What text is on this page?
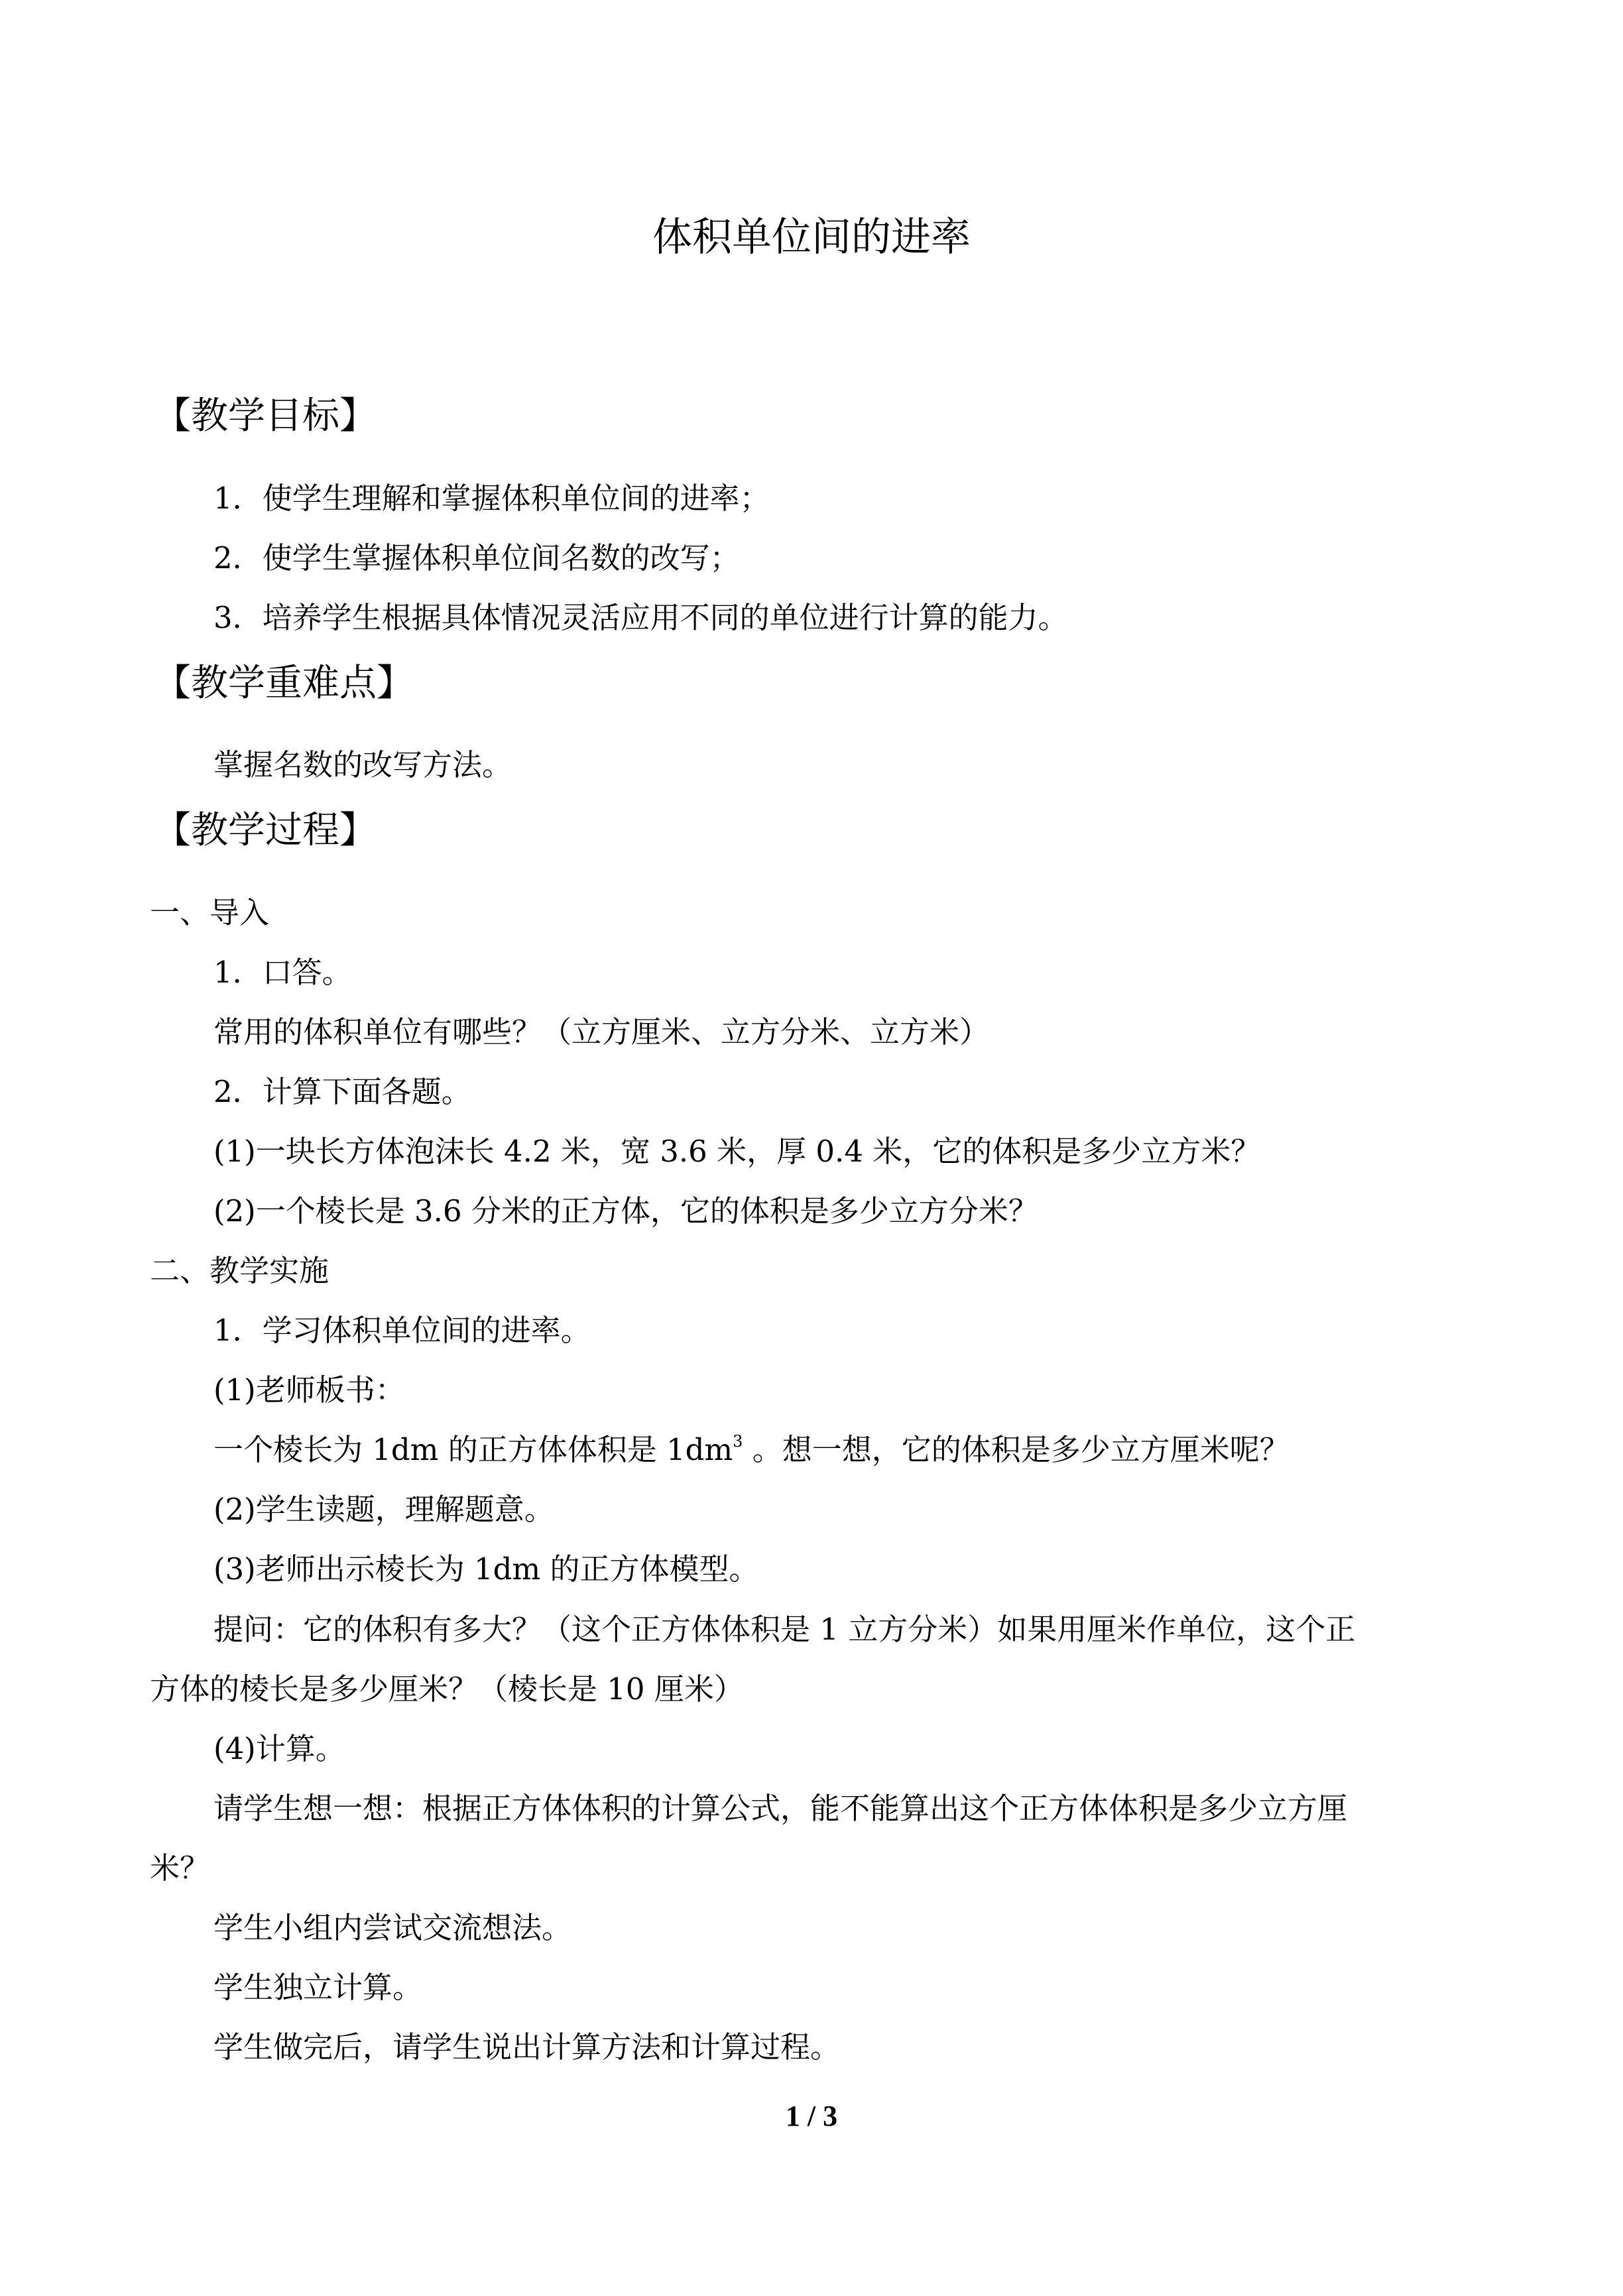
体积单位间的进率
【教学目标】
1．使学生理解和掌握体积单位间的进率；
2．使学生掌握体积单位间名数的改写；
3．培养学生根据具体情况灵活应用不同的单位进行计算的能力。
【教学重难点】
掌握名数的改写方法。
【教学过程】
一、导入
1．口答。
常用的体积单位有哪些？（立方厘米、立方分米、立方米）
2．计算下面各题。
(1)一块长方体泡沫长 4.2 米，宽 3.6 米，厚 0.4 米，它的体积是多少立方米？
(2)一个棱长是 3.6 分米的正方体，它的体积是多少立方分米？
二、教学实施
1．学习体积单位间的进率。
(1)老师板书：
一个棱长为 1dm 的正方体体积是 $1dm^3$ 。想一想，它的体积是多少立方厘米呢？
(2)学生读题，理解题意。
(3)老师出示棱长为 1dm 的正方体模型。
提问：它的体积有多大？（这个正方体体积是 1 立方分米）如果用厘米作单位，这个正
方体的棱长是多少厘米？（棱长是 10 厘米）
(4)计算。
请学生想一想：根据正方体体积的计算公式，能不能算出这个正方体体积是多少立方厘
米？
学生小组内尝试交流想法。
学生独立计算。
学生做完后，请学生说出计算方法和计算过程。
1 / 3
